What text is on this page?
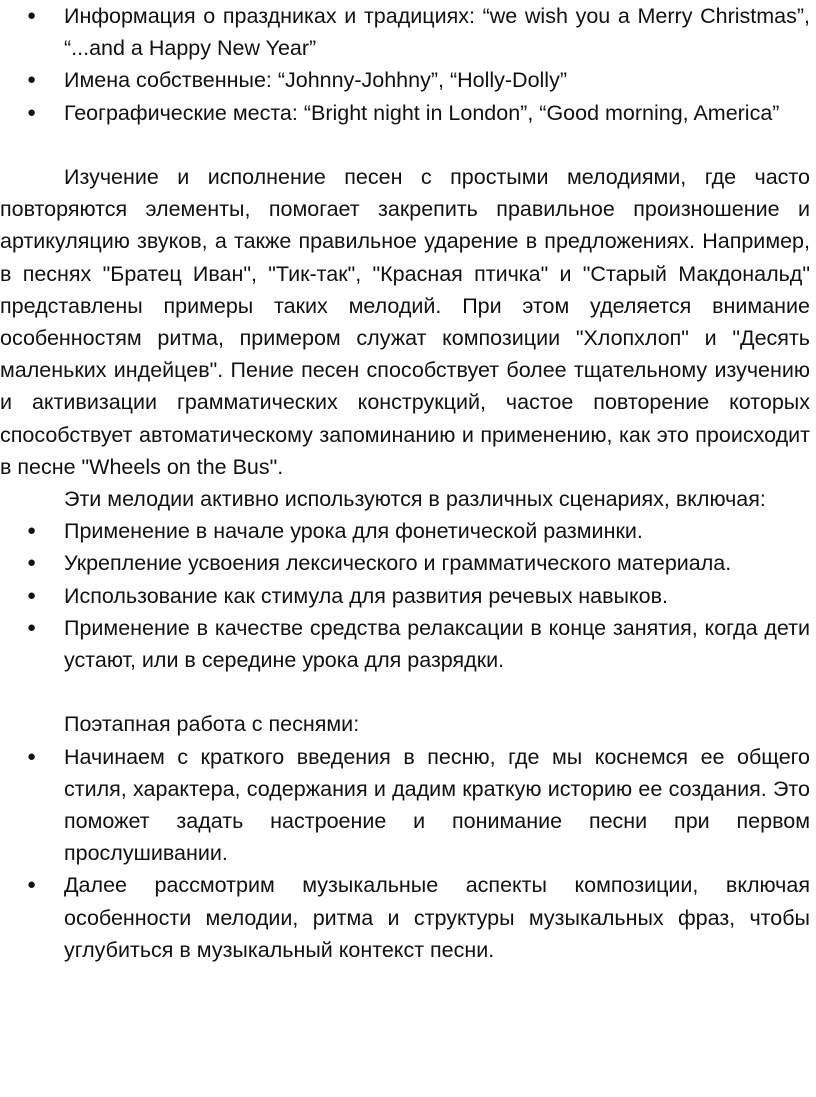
● Информация о праздниках и традициях: “we wish you a Merry Christmas”, “...and a Happy New Year”
● Имена собственные: “Johnny-Johhny”, “Holly-Dolly”
● Географические места: “Bright night in London”, “Good morning, America”

Изучение и исполнение песен с простыми мелодиями, где часто повторяются элементы, помогает закрепить правильное произношение и артикуляцию звуков, а также правильное ударение в предложениях. Например, в песнях "Братец Иван", "Тик-так", "Красная птичка" и "Старый Макдональд" представлены примеры таких мелодий. При этом уделяется внимание особенностям ритма, примером служат композиции "Хлопхлоп" и "Десять маленьких индейцев". Пение песен способствует более тщательному изучению и активизации грамматических конструкций, частое повторение которых способствует автоматическому запоминанию и применению, как это происходит в песне "Wheels on the Bus".

Эти мелодии активно используются в различных сценариях, включая:

● Применение в начале урока для фонетической разминки.
● Укрепление усвоения лексического и грамматического материала.
● Использование как стимула для развития речевых навыков.
● Применение в качестве средства релаксации в конце занятия, когда дети устают, или в середине урока для разрядки.

Поэтапная работа с песнями:

● Начинаем с краткого введения в песню, где мы коснемся ее общего стиля, характера, содержания и дадим краткую историю ее создания. Это поможет задать настроение и понимание песни при первом прослушивании.
● Далее рассмотрим музыкальные аспекты композиции, включая особенности мелодии, ритма и структуры музыкальных фраз, чтобы углубиться в музыкальный контекст песни.
